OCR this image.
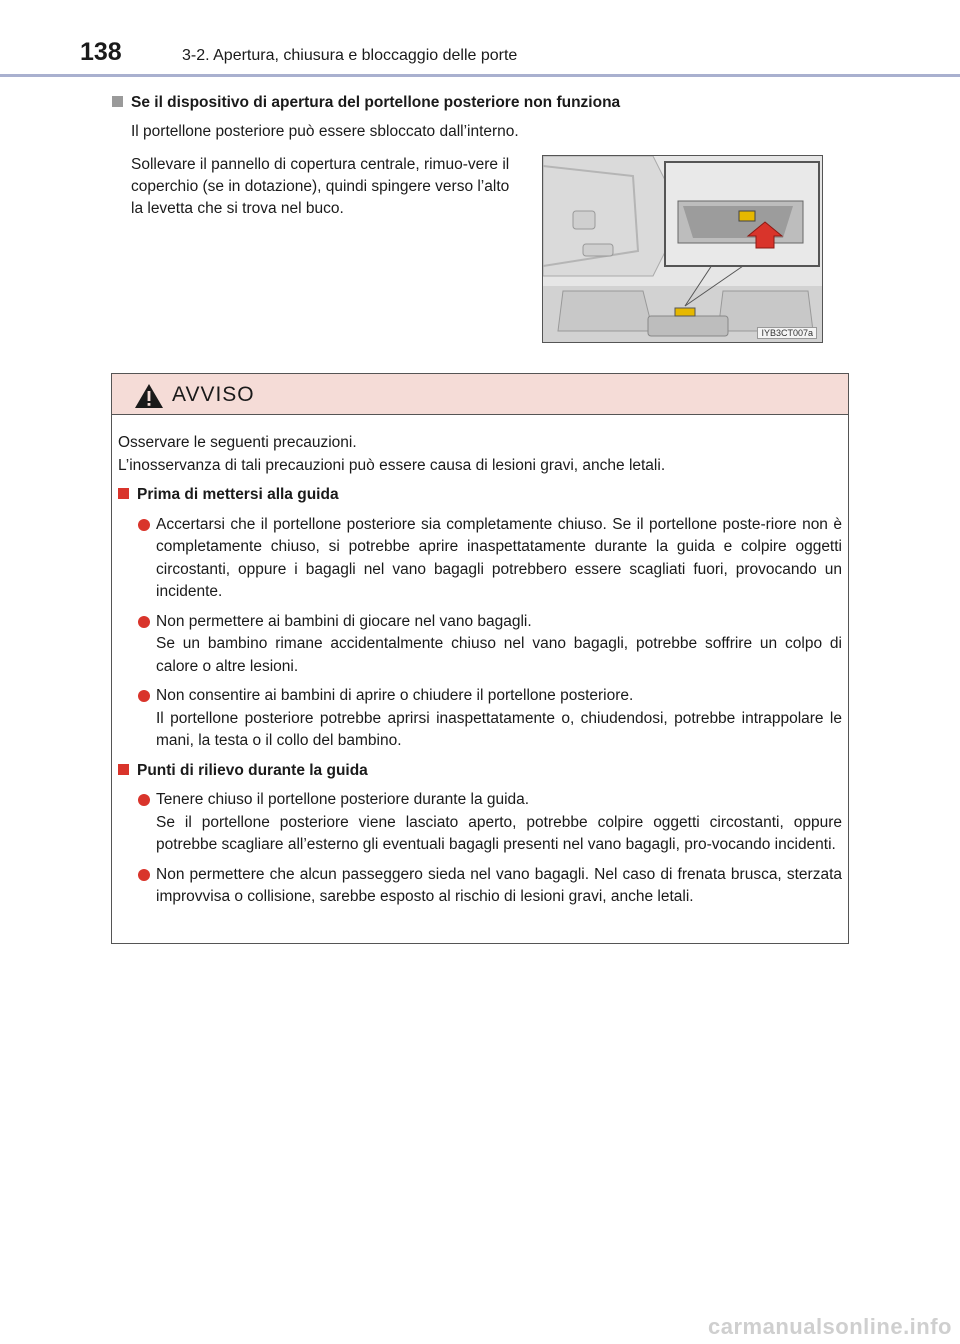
138	3-2. Apertura, chiusura e bloccaggio delle porte
Se il dispositivo di apertura del portellone posteriore non funziona
Il portellone posteriore può essere sbloccato dall’interno.
Sollevare il pannello di copertura centrale, rimuo-vere il coperchio (se in dotazione), quindi spingere verso l’alto la levetta che si trova nel buco.
IYB3CT007a
AVVISO

Osservare le seguenti precauzioni.

L’inosservanza di tali precauzioni può essere causa di lesioni gravi, anche letali.

Prima di mettersi alla guida

Accertarsi che il portellone posteriore sia completamente chiuso. Se il portellone poste-riore non è completamente chiuso, si potrebbe aprire inaspettatamente durante la guida e colpire oggetti circostanti, oppure i bagagli nel vano bagagli potrebbero essere scagliati fuori, provocando un incidente.

Non permettere ai bambini di giocare nel vano bagagli.
Se un bambino rimane accidentalmente chiuso nel vano bagagli, potrebbe soffrire un colpo di calore o altre lesioni.

Non consentire ai bambini di aprire o chiudere il portellone posteriore.
Il portellone posteriore potrebbe aprirsi inaspettatamente o, chiudendosi, potrebbe intrappolare le mani, la testa o il collo del bambino.

Punti di rilievo durante la guida

Tenere chiuso il portellone posteriore durante la guida.
Se il portellone posteriore viene lasciato aperto, potrebbe colpire oggetti circostanti, oppure potrebbe scagliare all’esterno gli eventuali bagagli presenti nel vano bagagli, pro-vocando incidenti.

Non permettere che alcun passeggero sieda nel vano bagagli. Nel caso di frenata brusca, sterzata improvvisa o collisione, sarebbe esposto al rischio di lesioni gravi, anche letali.

carmanualsonline.info
